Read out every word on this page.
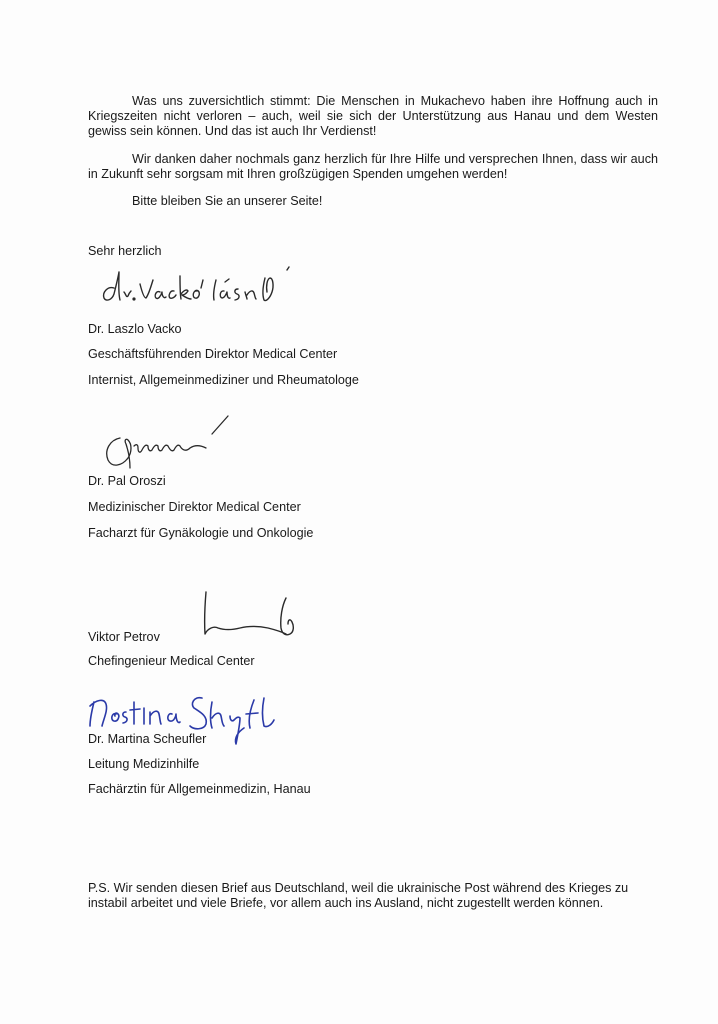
Was uns zuversichtlich stimmt: Die Menschen in Mukachevo haben ihre Hoffnung auch in Kriegszeiten nicht verloren – auch, weil sie sich der Unterstützung aus Hanau und dem Westen gewiss sein können. Und das ist auch Ihr Verdienst!

Wir danken daher nochmals ganz herzlich für Ihre Hilfe und versprechen Ihnen, dass wir auch in Zukunft sehr sorgsam mit Ihren großzügigen Spenden umgehen werden!

Bitte bleiben Sie an unserer Seite!

Sehr herzlich

Dr. Laszlo Vacko

Geschäftsführenden Direktor Medical Center

Internist, Allgemeinmediziner und Rheumatologe

Dr. Pal Oroszi

Medizinischer Direktor Medical Center

Facharzt für Gynäkologie und Onkologie

Viktor Petrov

Chefingenieur Medical Center

Dr. Martina Scheufler

Leitung Medizinhilfe

Fachärztin für Allgemeinmedizin, Hanau

P.S. Wir senden diesen Brief aus Deutschland, weil die ukrainische Post während des Krieges zu instabil arbeitet und viele Briefe, vor allem auch ins Ausland, nicht zugestellt werden können.
